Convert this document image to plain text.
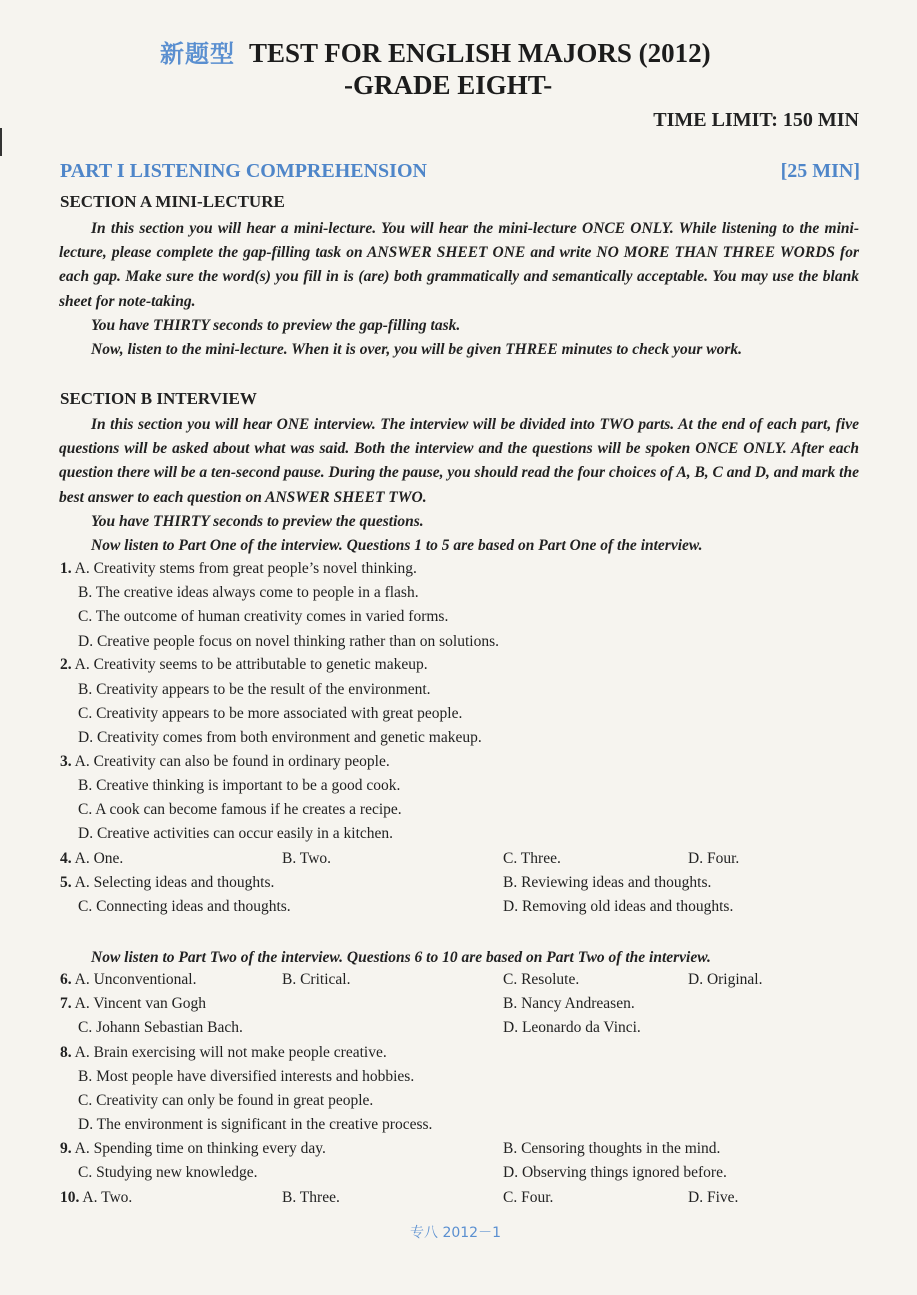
新题型 TEST FOR ENGLISH MAJORS (2012)
-GRADE EIGHT-
TIME LIMIT: 150 MIN
PART I LISTENING COMPREHENSION	[25 MIN]
SECTION A MINI-LECTURE

In this section you will hear a mini-lecture. You will hear the mini-lecture ONCE ONLY. While listening to the mini-lecture, please complete the gap-filling task on ANSWER SHEET ONE and write NO MORE THAN THREE WORDS for each gap. Make sure the word(s) you fill in is (are) both grammatically and semantically acceptable. You may use the blank sheet for note-taking.

You have THIRTY seconds to preview the gap-filling task.

Now, listen to the mini-lecture. When it is over, you will be given THREE minutes to check your work.

SECTION B INTERVIEW

In this section you will hear ONE interview. The interview will be divided into TWO parts. At the end of each part, five questions will be asked about what was said. Both the interview and the questions will be spoken ONCE ONLY. After each question there will be a ten-second pause. During the pause, you should read the four choices of A, B, C and D, and mark the best answer to each question on ANSWER SHEET TWO.

You have THIRTY seconds to preview the questions.

Now listen to Part One of the interview. Questions 1 to 5 are based on Part One of the interview.

1. A. Creativity stems from great people’s novel thinking.
B. The creative ideas always come to people in a flash.
C. The outcome of human creativity comes in varied forms.
D. Creative people focus on novel thinking rather than on solutions.
2. A. Creativity seems to be attributable to genetic makeup.
B. Creativity appears to be the result of the environment.
C. Creativity appears to be more associated with great people.
D. Creativity comes from both environment and genetic makeup.
3. A. Creativity can also be found in ordinary people.
B. Creative thinking is important to be a good cook.
C. A cook can become famous if he creates a recipe.
D. Creative activities can occur easily in a kitchen.
4. A. One.	B. Two.	C. Three.	D. Four.
5. A. Selecting ideas and thoughts.	B. Reviewing ideas and thoughts.
C. Connecting ideas and thoughts.	D. Removing old ideas and thoughts.

Now listen to Part Two of the interview. Questions 6 to 10 are based on Part Two of the interview.

6. A. Unconventional.	B. Critical.	C. Resolute.	D. Original.
7. A. Vincent van Gogh	B. Nancy Andreasen.
C. Johann Sebastian Bach.	D. Leonardo da Vinci.
8. A. Brain exercising will not make people creative.
B. Most people have diversified interests and hobbies.
C. Creativity can only be found in great people.
D. The environment is significant in the creative process.
9. A. Spending time on thinking every day.	B. Censoring thoughts in the mind.
C. Studying new knowledge.	D. Observing things ignored before.
10. A. Two.	B. Three.	C. Four.	D. Five.
专八 2012－1
